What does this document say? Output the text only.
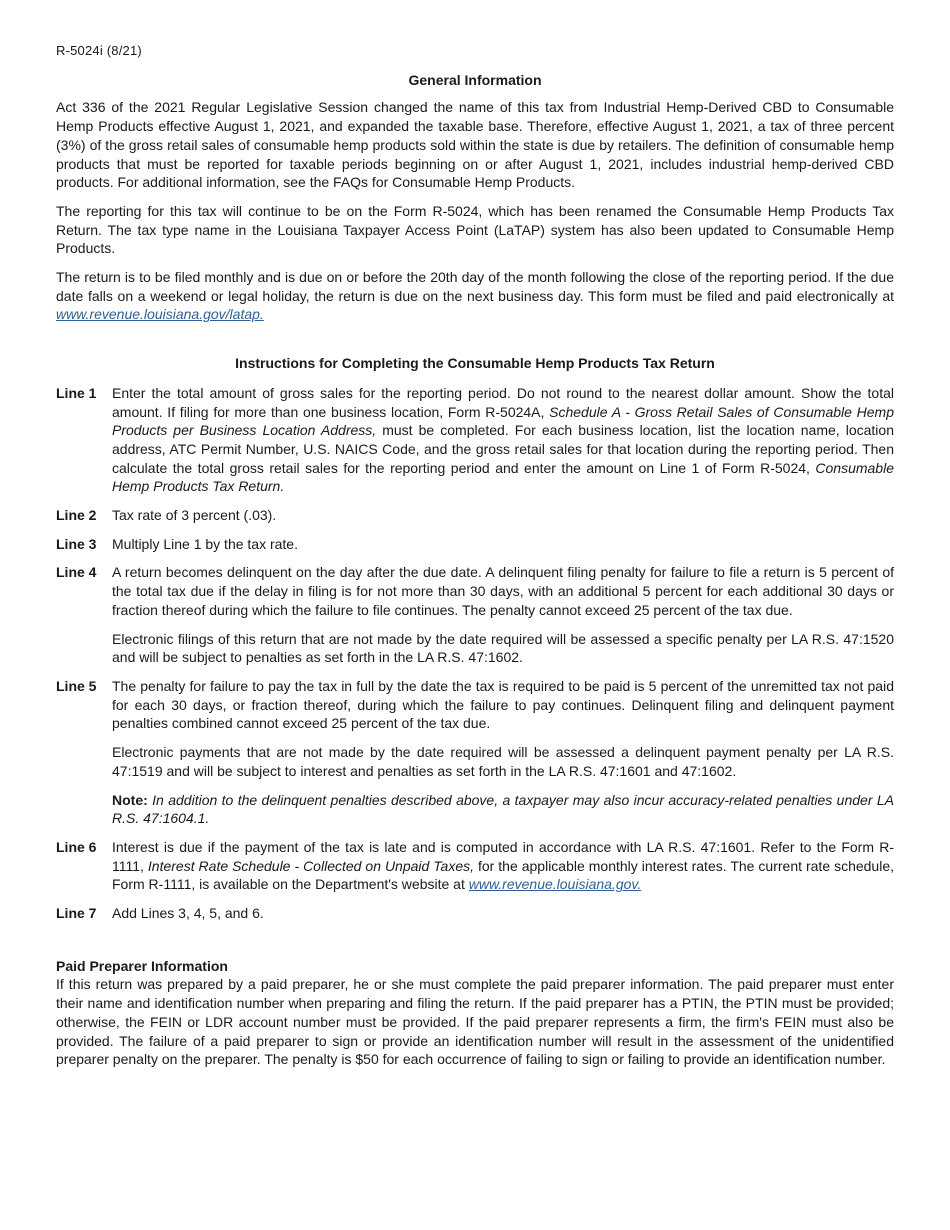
R-5024i (8/21)
General Information

Act 336 of the 2021 Regular Legislative Session changed the name of this tax from Industrial Hemp-Derived CBD to Consumable Hemp Products effective August 1, 2021, and expanded the taxable base. Therefore, effective August 1, 2021, a tax of three percent (3%) of the gross retail sales of consumable hemp products sold within the state is due by retailers. The definition of consumable hemp products that must be reported for taxable periods beginning on or after August 1, 2021, includes industrial hemp-derived CBD products. For additional information, see the FAQs for Consumable Hemp Products.

The reporting for this tax will continue to be on the Form R-5024, which has been renamed the Consumable Hemp Products Tax Return. The tax type name in the Louisiana Taxpayer Access Point (LaTAP) system has also been updated to Consumable Hemp Products.

The return is to be filed monthly and is due on or before the 20th day of the month following the close of the reporting period. If the due date falls on a weekend or legal holiday, the return is due on the next business day. This form must be filed and paid electronically at www.revenue.louisiana.gov/latap.

Instructions for Completing the Consumable Hemp Products Tax Return
Line 1	Enter the total amount of gross sales for the reporting period. Do not round to the nearest dollar amount. Show the total amount. If filing for more than one business location, Form R-5024A, Schedule A - Gross Retail Sales of Consumable Hemp Products per Business Location Address, must be completed. For each business location, list the location name, location address, ATC Permit Number, U.S. NAICS Code, and the gross retail sales for that location during the reporting period. Then calculate the total gross retail sales for the reporting period and enter the amount on Line 1 of Form R-5024, Consumable Hemp Products Tax Return.

Line 2	Tax rate of 3 percent (.03).

Line 3	Multiply Line 1 by the tax rate.

Line 4	A return becomes delinquent on the day after the due date. A delinquent filing penalty for failure to file a return is 5 percent of the total tax due if the delay in filing is for not more than 30 days, with an additional 5 percent for each additional 30 days or fraction thereof during which the failure to file continues. The penalty cannot exceed 25 percent of the tax due.

Electronic filings of this return that are not made by the date required will be assessed a specific penalty per LA R.S. 47:1520 and will be subject to penalties as set forth in the LA R.S. 47:1602.

Line 5	The penalty for failure to pay the tax in full by the date the tax is required to be paid is 5 percent of the unremitted tax not paid for each 30 days, or fraction thereof, during which the failure to pay continues. Delinquent filing and delinquent payment penalties combined cannot exceed 25 percent of the tax due.

Electronic payments that are not made by the date required will be assessed a delinquent payment penalty per LA R.S. 47:1519 and will be subject to interest and penalties as set forth in the LA R.S. 47:1601 and 47:1602.

Note: In addition to the delinquent penalties described above, a taxpayer may also incur accuracy-related penalties under LA R.S. 47:1604.1.

Line 6	Interest is due if the payment of the tax is late and is computed in accordance with LA R.S. 47:1601. Refer to the Form R-1111, Interest Rate Schedule - Collected on Unpaid Taxes, for the applicable monthly interest rates. The current rate schedule, Form R-1111, is available on the Department's website at www.revenue.louisiana.gov.

Line 7	Add Lines 3, 4, 5, and 6.

Paid Preparer Information

If this return was prepared by a paid preparer, he or she must complete the paid preparer information. The paid preparer must enter their name and identification number when preparing and filing the return. If the paid preparer has a PTIN, the PTIN must be provided; otherwise, the FEIN or LDR account number must be provided. If the paid preparer represents a firm, the firm's FEIN must also be provided. The failure of a paid preparer to sign or provide an identification number will result in the assessment of the unidentified preparer penalty on the preparer. The penalty is $50 for each occurrence of failing to sign or failing to provide an identification number.
